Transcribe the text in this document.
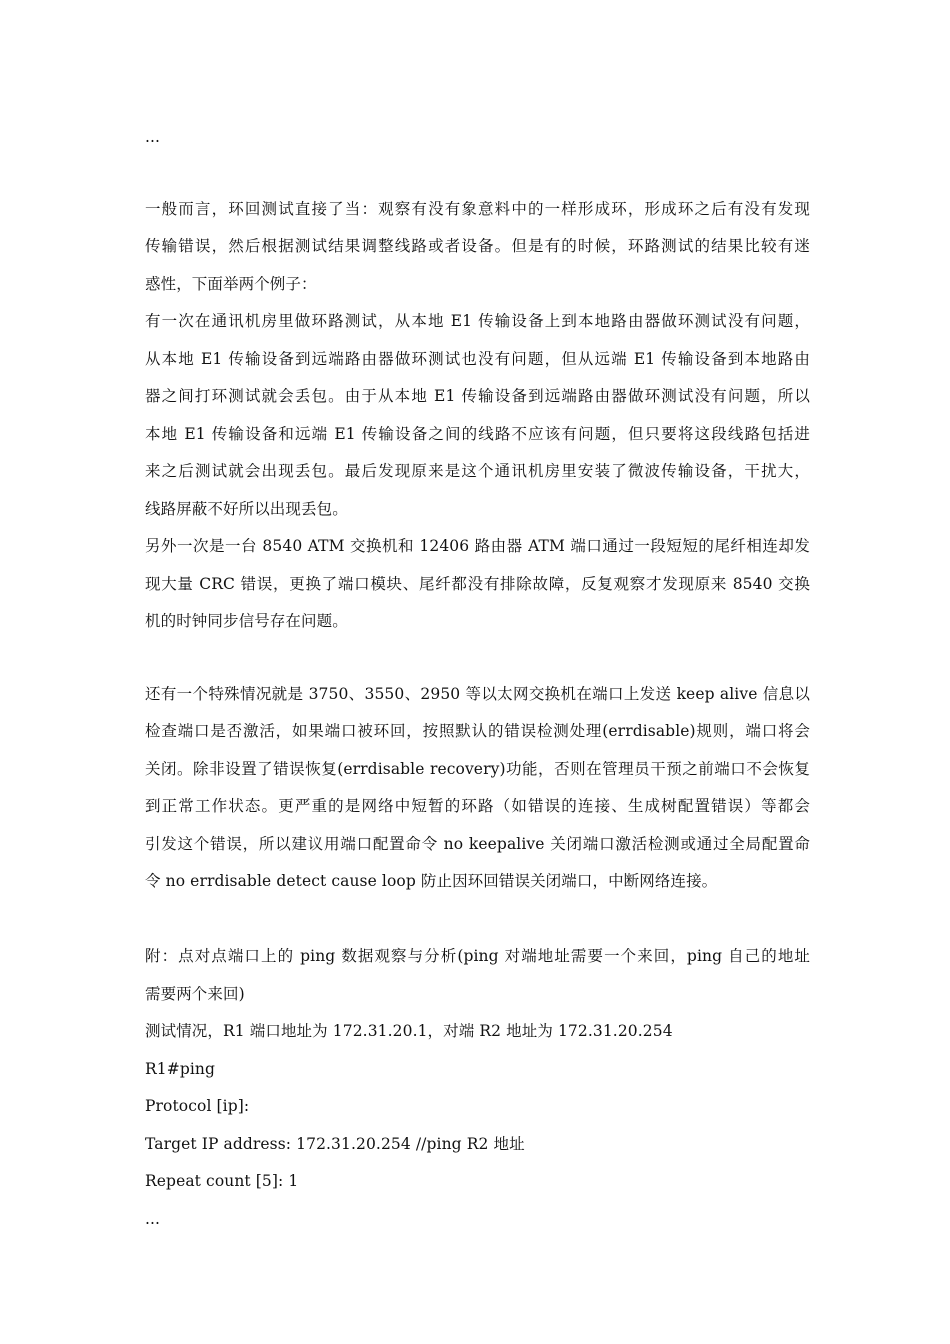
...
一般而言，环回测试直接了当：观察有没有象意料中的一样形成环，形成环之后有没有发现
传输错误，然后根据测试结果调整线路或者设备。但是有的时候，环路测试的结果比较有迷
惑性，下面举两个例子：
有一次在通讯机房里做环路测试，从本地 E1 传输设备上到本地路由器做环测试没有问题，
从本地 E1 传输设备到远端路由器做环测试也没有问题，但从远端 E1 传输设备到本地路由
器之间打环测试就会丢包。由于从本地 E1 传输设备到远端路由器做环测试没有问题，所以
本地 E1 传输设备和远端 E1 传输设备之间的线路不应该有问题，但只要将这段线路包括进
来之后测试就会出现丢包。最后发现原来是这个通讯机房里安装了微波传输设备，干扰大，
线路屏蔽不好所以出现丢包。
另外一次是一台 8540 ATM 交换机和 12406 路由器 ATM 端口通过一段短短的尾纤相连却发
现大量 CRC 错误，更换了端口模块、尾纤都没有排除故障，反复观察才发现原来 8540 交换
机的时钟同步信号存在问题。
还有一个特殊情况就是 3750、3550、2950 等以太网交换机在端口上发送 keep alive 信息以
检查端口是否激活，如果端口被环回，按照默认的错误检测处理(errdisable)规则，端口将会
关闭。除非设置了错误恢复(errdisable recovery)功能，否则在管理员干预之前端口不会恢复
到正常工作状态。更严重的是网络中短暂的环路（如错误的连接、生成树配置错误）等都会
引发这个错误，所以建议用端口配置命令 no keepalive 关闭端口激活检测或通过全局配置命
令 no errdisable detect cause loop 防止因环回错误关闭端口，中断网络连接。
附：点对点端口上的 ping 数据观察与分析(ping 对端地址需要一个来回，ping 自己的地址
需要两个来回)
测试情况，R1 端口地址为 172.31.20.1，对端 R2 地址为 172.31.20.254
R1#ping
Protocol [ip]:
Target IP address: 172.31.20.254 //ping R2 地址
Repeat count [5]: 1
...
